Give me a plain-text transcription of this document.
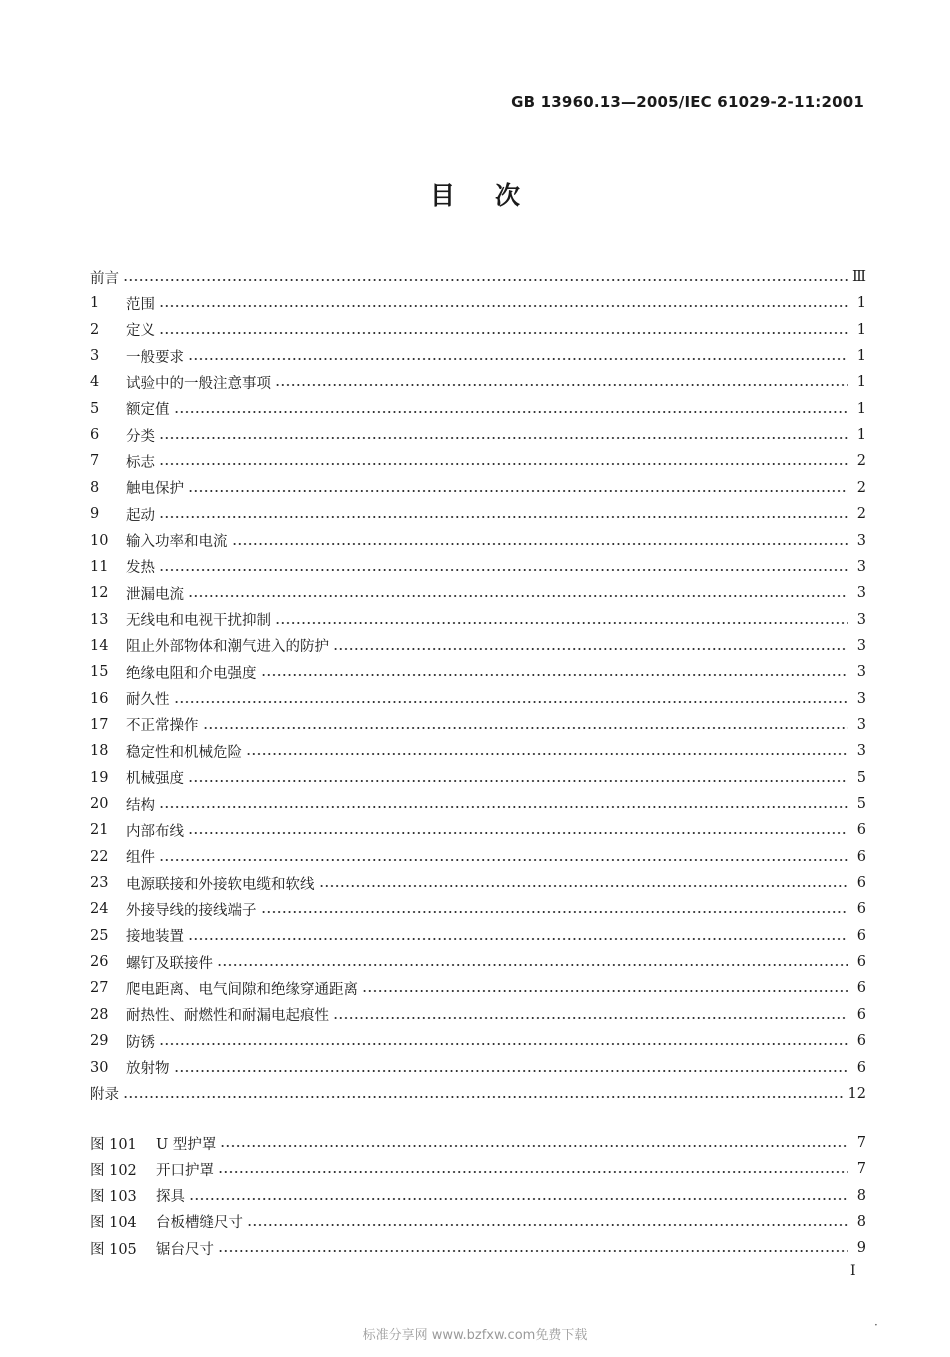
GB 13960.13—2005/IEC 61029-2-11:2001
目次
前言	Ⅲ
1	范围	1
2	定义	1
3	一般要求	1
4	试验中的一般注意事项	1
5	额定值	1
6	分类	1
7	标志	2
8	触电保护	2
9	起动	2
10	输入功率和电流	3
11	发热	3
12	泄漏电流	3
13	无线电和电视干扰抑制	3
14	阻止外部物体和潮气进入的防护	3
15	绝缘电阻和介电强度	3
16	耐久性	3
17	不正常操作	3
18	稳定性和机械危险	3
19	机械强度	5
20	结构	5
21	内部布线	6
22	组件	6
23	电源联接和外接软电缆和软线	6
24	外接导线的接线端子	6
25	接地装置	6
26	螺钉及联接件	6
27	爬电距离、电气间隙和绝缘穿通距离	6
28	耐热性、耐燃性和耐漏电起痕性	6
29	防锈	6
30	放射物	6
附录	12
图 101	U 型护罩	7
图 102	开口护罩	7
图 103	探具	8
图 104	台板槽缝尺寸	8
图 105	锯台尺寸	9
I
标准分享网 www.bzfxw.com免费下载
·
